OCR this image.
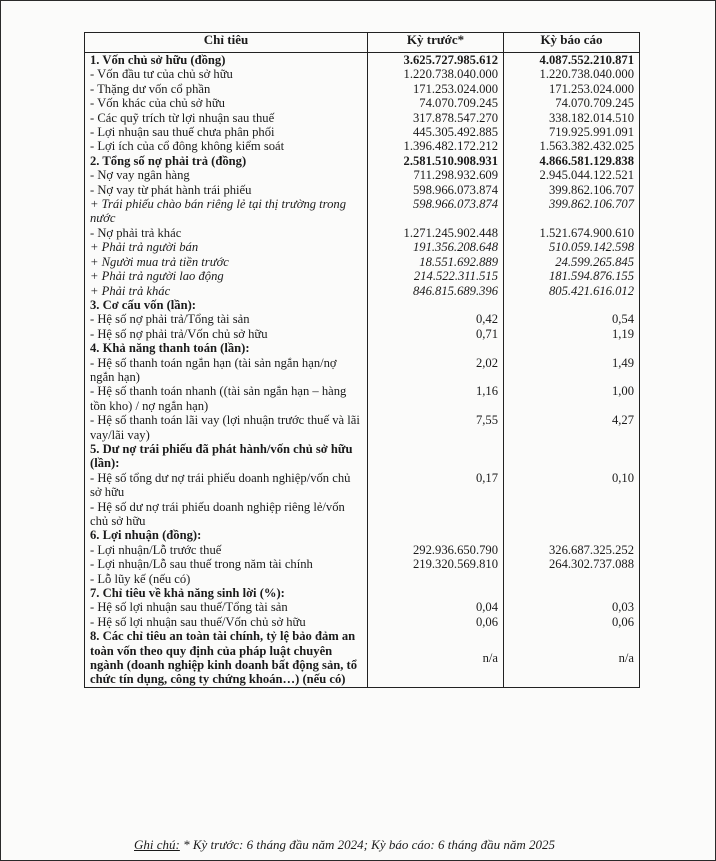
Chỉ tiêu	Kỳ trước*	Kỳ báo cáo
1. Vốn chủ sở hữu (đồng)	3.625.727.985.612	4.087.552.210.871
- Vốn đầu tư của chủ sở hữu	1.220.738.040.000	1.220.738.040.000
- Thặng dư vốn cổ phần	171.253.024.000	171.253.024.000
- Vốn khác của chủ sở hữu	74.070.709.245	74.070.709.245
- Các quỹ trích từ lợi nhuận sau thuế	317.878.547.270	338.182.014.510
- Lợi nhuận sau thuế chưa phân phối	445.305.492.885	719.925.991.091
- Lợi ích của cổ đông không kiểm soát	1.396.482.172.212	1.563.382.432.025
2. Tổng số nợ phải trả (đồng)	2.581.510.908.931	4.866.581.129.838
- Nợ vay ngân hàng	711.298.932.609	2.945.044.122.521
- Nợ vay từ phát hành trái phiếu	598.966.073.874	399.862.106.707
+ Trái phiếu chào bán riêng lẻ tại thị trường trong nước	598.966.073.874	399.862.106.707
- Nợ phải trả khác	1.271.245.902.448	1.521.674.900.610
+ Phải trả người bán	191.356.208.648	510.059.142.598
+ Người mua trả tiền trước	18.551.692.889	24.599.265.845
+ Phải trả người lao động	214.522.311.515	181.594.876.155
+ Phải trả khác	846.815.689.396	805.421.616.012
3. Cơ cấu vốn (lần):		
- Hệ số nợ phải trả/Tổng tài sản	0,42	0,54
- Hệ số nợ phải trả/Vốn chủ sở hữu	0,71	1,19
4. Khả năng thanh toán (lần):		
- Hệ số thanh toán ngắn hạn (tài sản ngắn hạn/nợ ngắn hạn)	2,02	1,49
- Hệ số thanh toán nhanh ((tài sản ngắn hạn – hàng tồn kho) / nợ ngắn hạn)	1,16	1,00
- Hệ số thanh toán lãi vay (lợi nhuận trước thuế và lãi vay/lãi vay)	7,55	4,27
5. Dư nợ trái phiếu đã phát hành/vốn chủ sở hữu (lần):		
- Hệ số tổng dư nợ trái phiếu doanh nghiệp/vốn chủ sở hữu	0,17	0,10
- Hệ số dư nợ trái phiếu doanh nghiệp riêng lẻ/vốn chủ sở hữu		
6. Lợi nhuận (đồng):		
- Lợi nhuận/Lỗ trước thuế	292.936.650.790	326.687.325.252
- Lợi nhuận/Lỗ sau thuế trong năm tài chính	219.320.569.810	264.302.737.088
- Lỗ lũy kế (nếu có)		
7. Chỉ tiêu về khả năng sinh lời (%):		
- Hệ số lợi nhuận sau thuế/Tổng tài sản	0,04	0,03
- Hệ số lợi nhuận sau thuế/Vốn chủ sở hữu	0,06	0,06
8. Các chỉ tiêu an toàn tài chính, tỷ lệ bảo đảm an toàn vốn theo quy định của pháp luật chuyên ngành (doanh nghiệp kinh doanh bất động sản, tổ chức tín dụng, công ty chứng khoán…) (nếu có)	n/a	n/a
Ghi chú: * Kỳ trước: 6 tháng đầu năm 2024; Kỳ báo cáo: 6 tháng đầu năm 2025
